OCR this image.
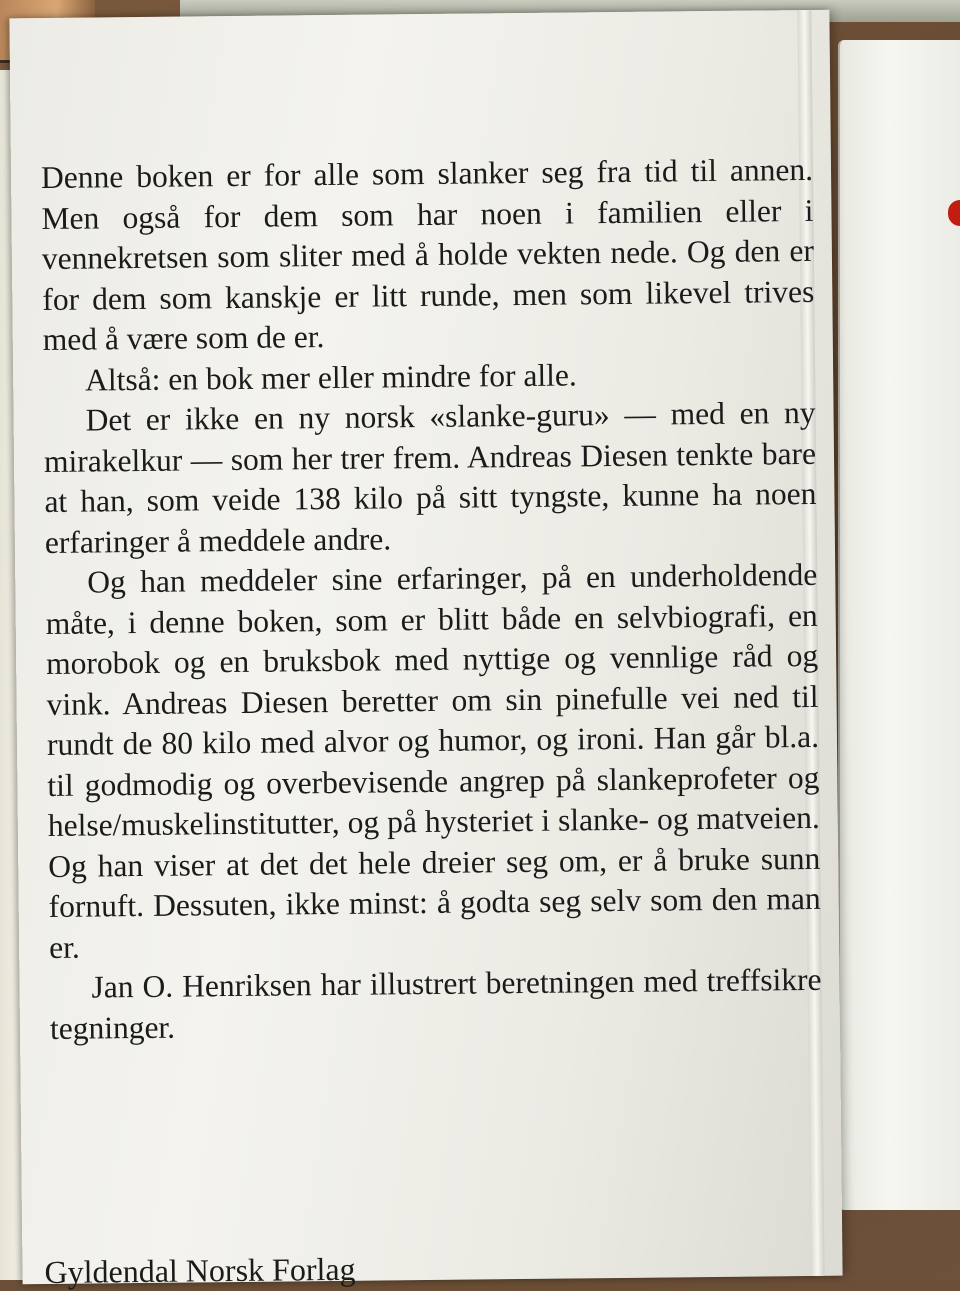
Denne boken er for alle som slanker seg fra tid til annen. Men også for dem som har noen i familien eller i vennekretsen som sliter med å holde vekten nede. Og den er for dem som kanskje er litt runde, men som likevel trives med å være som de er.

Altså: en bok mer eller mindre for alle.

Det er ikke en ny norsk «slanke-guru» — med en ny mirakelkur — som her trer frem. Andreas Diesen tenkte bare at han, som veide 138 kilo på sitt tyngste, kunne ha noen erfaringer å meddele andre.

Og han meddeler sine erfaringer, på en underholdende måte, i denne boken, som er blitt både en selvbiografi, en morobok og en bruksbok med nyttige og vennlige råd og vink. Andreas Diesen beretter om sin pinefulle vei ned til rundt de 80 kilo med alvor og humor, og ironi. Han går bl.a. til godmodig og overbevisende angrep på slankeprofeter og helse/muskelinstitutter, og på hysteriet i slanke- og matveien. Og han viser at det det hele dreier seg om, er å bruke sunn fornuft. Dessuten, ikke minst: å godta seg selv som den man er.

Jan O. Henriksen har illustrert beretningen med treffsikre tegninger.

Gyldendal Norsk Forlag
